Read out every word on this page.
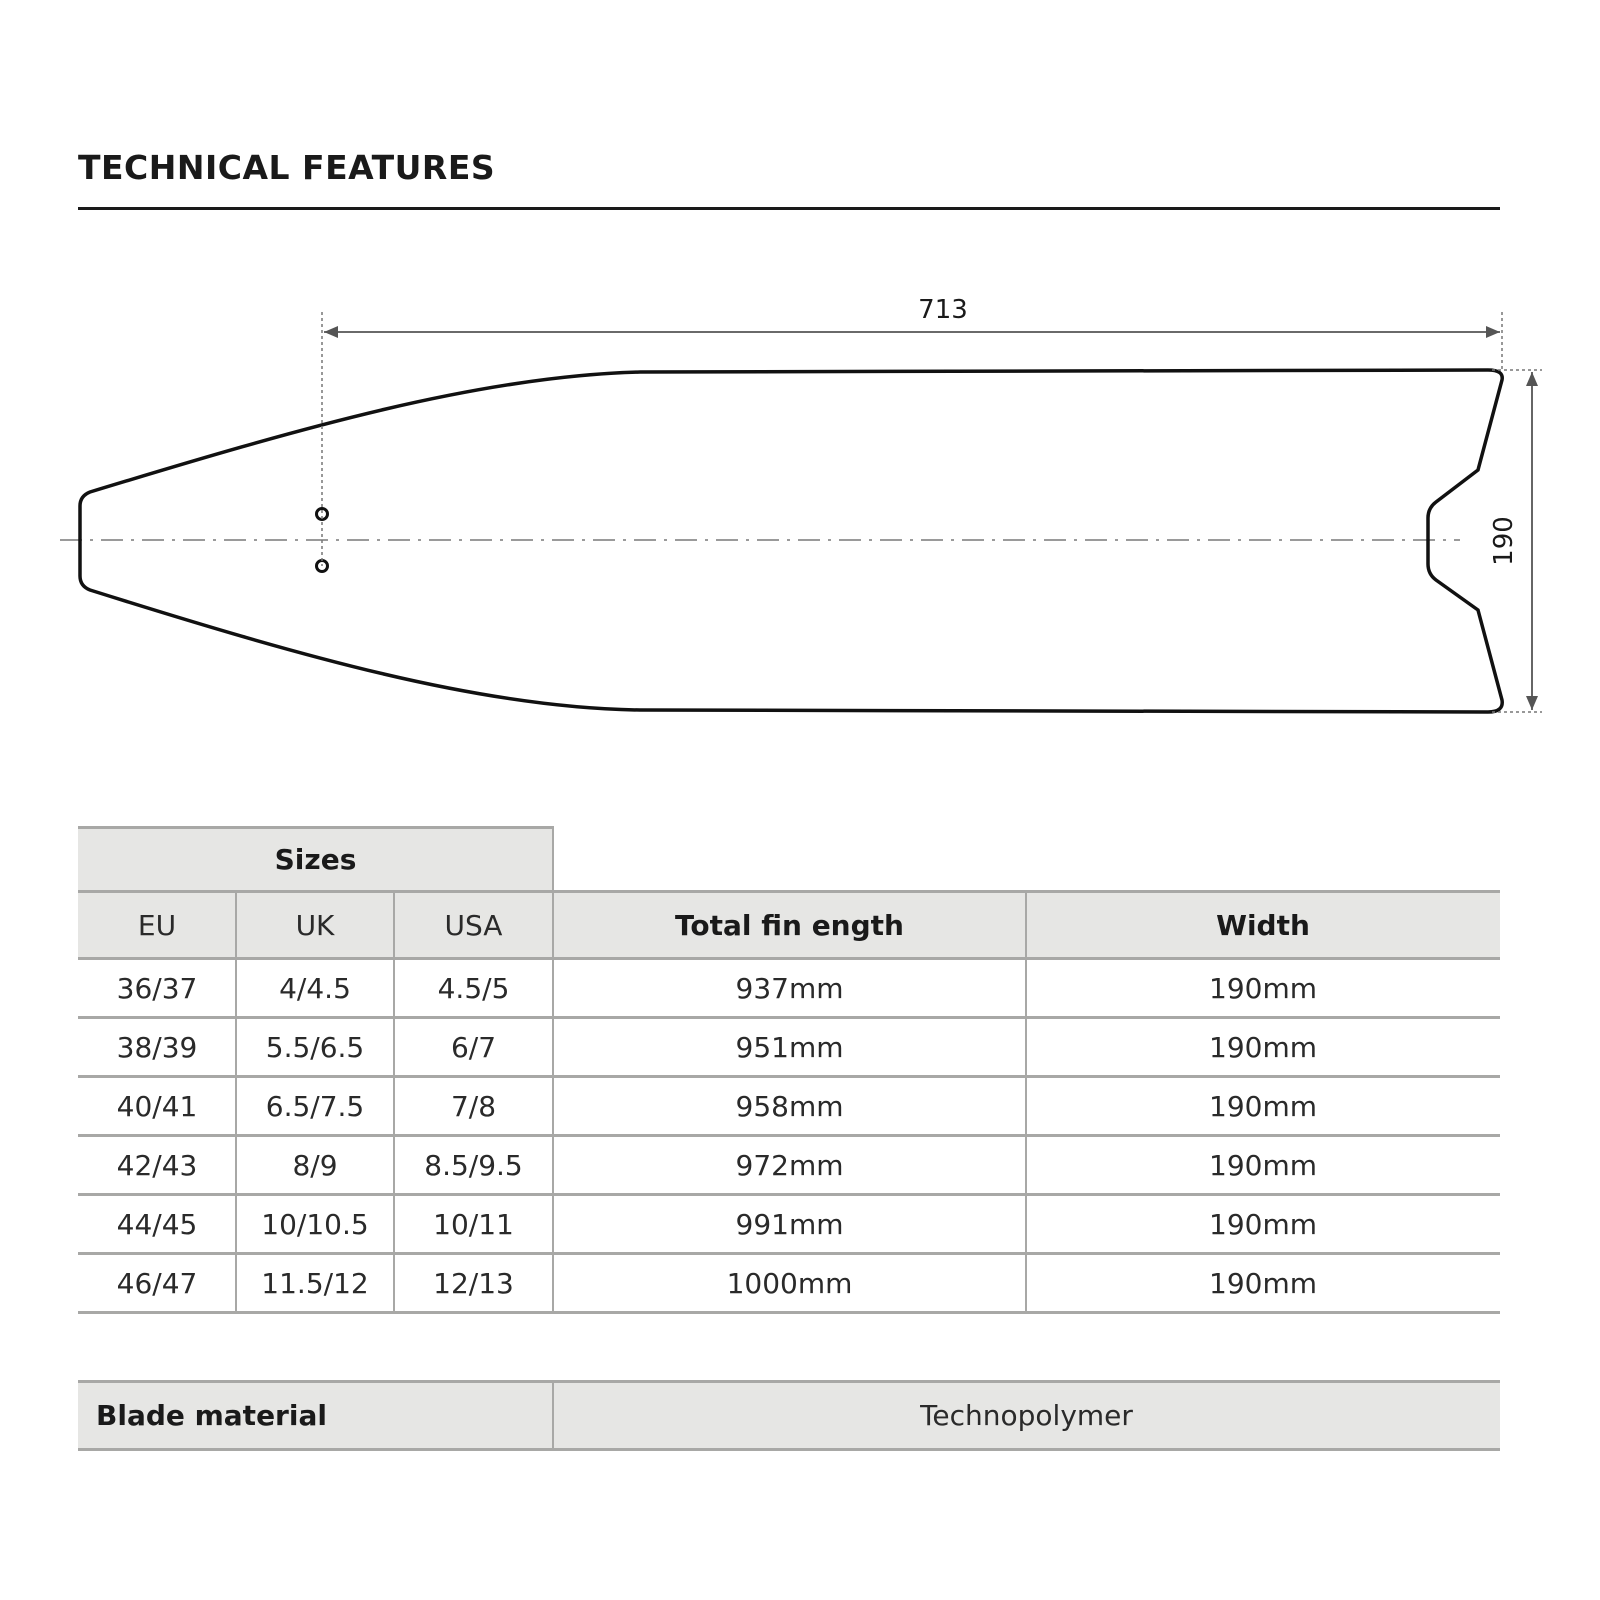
TECHNICAL FEATURES
713
190
Sizes
EU	UK	USA	Total fin ength	Width
36/37	4/4.5	4.5/5	937mm	190mm
38/39	5.5/6.5	6/7	951mm	190mm
40/41	6.5/7.5	7/8	958mm	190mm
42/43	8/9	8.5/9.5	972mm	190mm
44/45	10/10.5	10/11	991mm	190mm
46/47	11.5/12	12/13	1000mm	190mm
Blade material	Technopolymer
